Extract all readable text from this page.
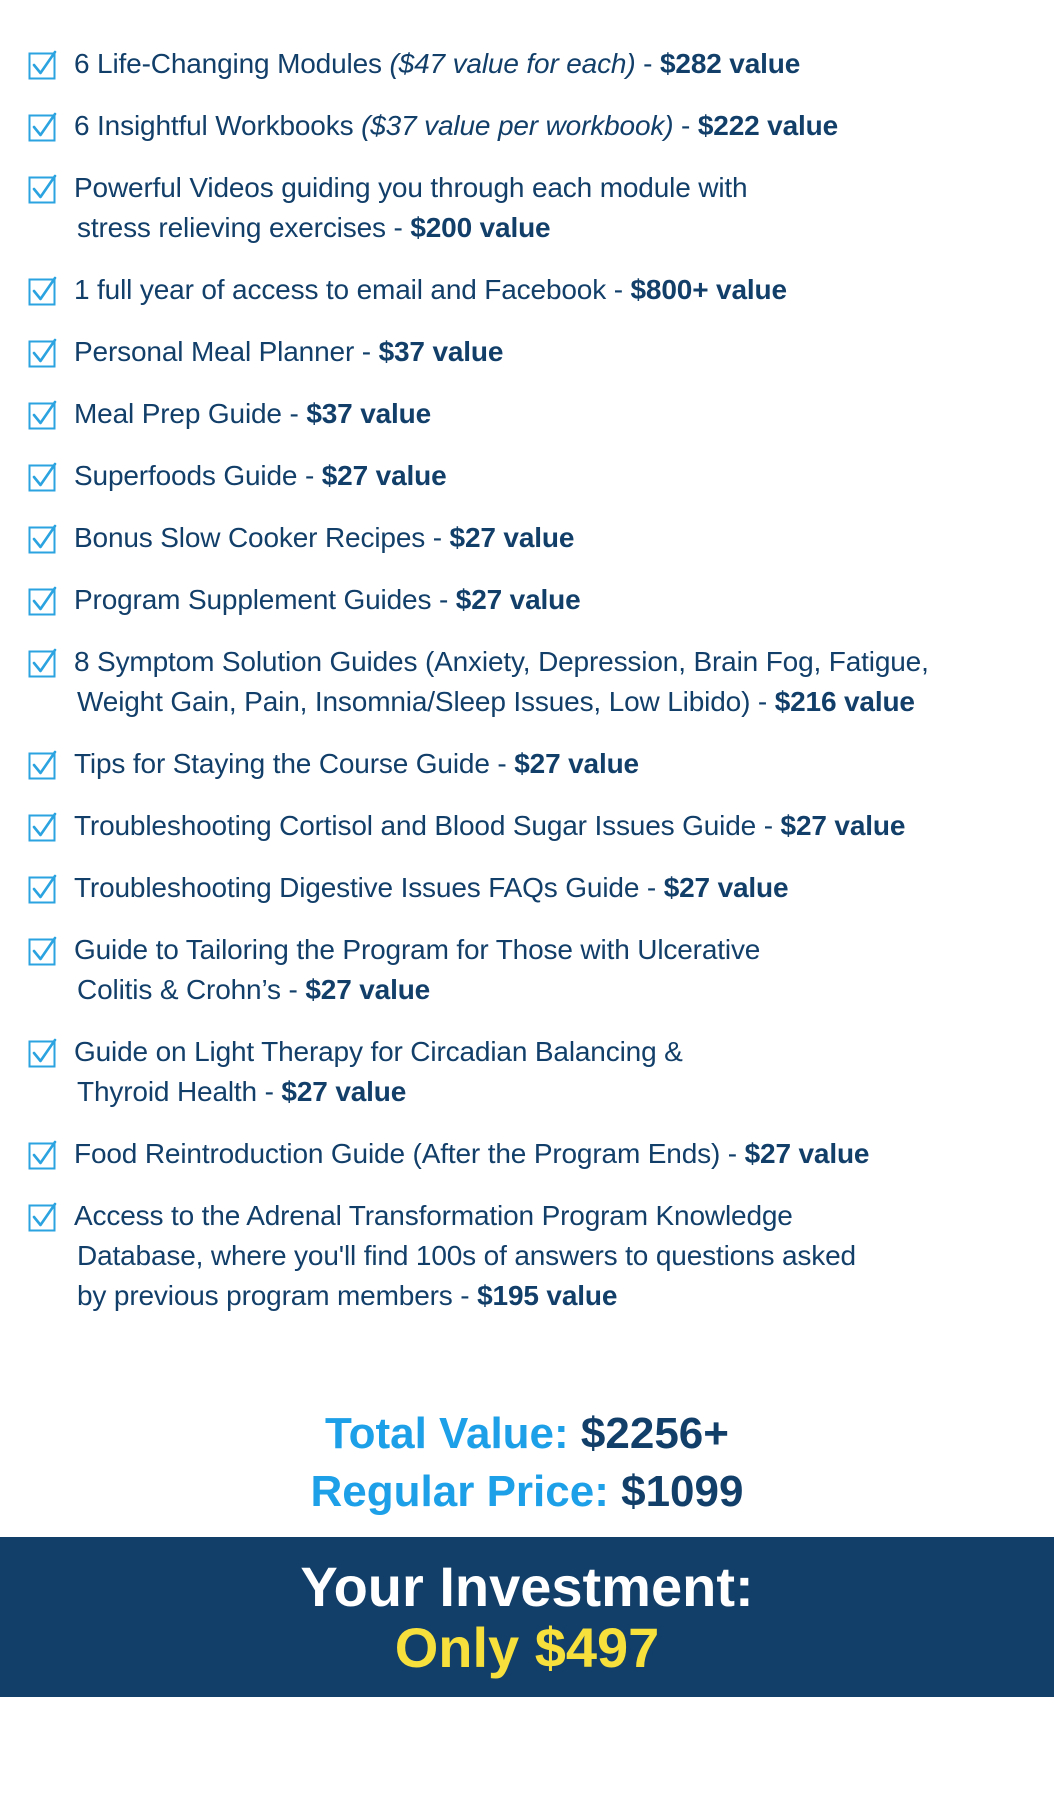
6 Life-Changing Modules ($47 value for each) - $282 value
6 Insightful Workbooks ($37 value per workbook) - $222 value
Powerful Videos guiding you through each module with
stress relieving exercises - $200 value
1 full year of access to email and Facebook - $800+ value
Personal Meal Planner - $37 value
Meal Prep Guide - $37 value
Superfoods Guide - $27 value
Bonus Slow Cooker Recipes - $27 value
Program Supplement Guides - $27 value
8 Symptom Solution Guides (Anxiety, Depression, Brain Fog, Fatigue,
Weight Gain, Pain, Insomnia/Sleep Issues, Low Libido) - $216 value
Tips for Staying the Course Guide - $27 value
Troubleshooting Cortisol and Blood Sugar Issues Guide - $27 value
Troubleshooting Digestive Issues FAQs Guide - $27 value
Guide to Tailoring the Program for Those with Ulcerative
Colitis & Crohn’s - $27 value
Guide on Light Therapy for Circadian Balancing &
Thyroid Health - $27 value
Food Reintroduction Guide (After the Program Ends) - $27 value
Access to the Adrenal Transformation Program Knowledge
Database, where you'll find 100s of answers to questions asked
by previous program members - $195 value
Total Value: $2256+
Regular Price: $1099
Your Investment:
Only $497
